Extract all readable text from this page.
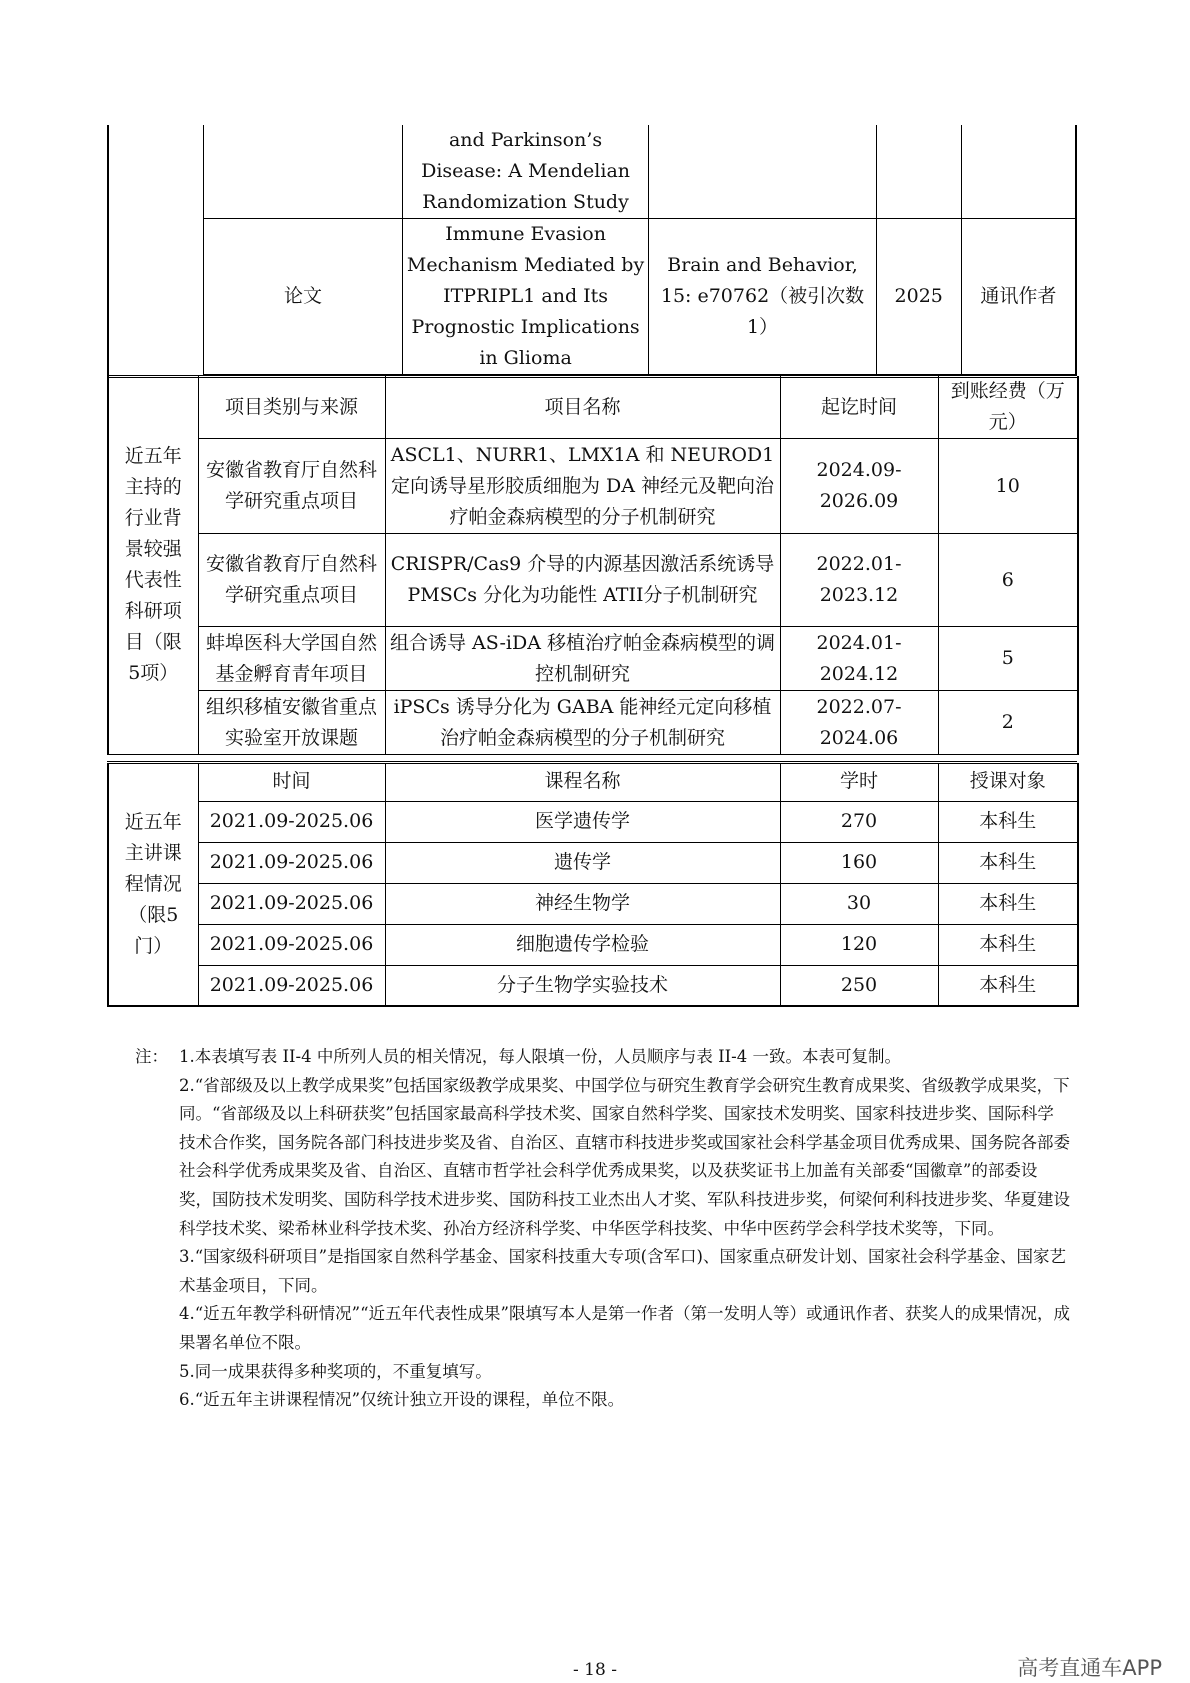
		and Parkinson’s Disease: A Mendelian Randomization Study			
	论文	Immune Evasion Mechanism Mediated by ITPRIPL1 and Its Prognostic Implications in Glioma	Brain and Behavior, 15: e70762（被引次数 1）	2025	通讯作者
近五年主持的行业背景较强代表性科研项目（限5项）	项目类别与来源	项目名称	起讫时间	到账经费（万元）
	安徽省教育厅自然科学研究重点项目	ASCL1、NURR1、LMX1A 和 NEUROD1 定向诱导星形胶质细胞为 DA 神经元及靶向治疗帕金森病模型的分子机制研究	2024.09-2026.09	10
	安徽省教育厅自然科学研究重点项目	CRISPR/Cas9 介导的内源基因激活系统诱导 PMSCs 分化为功能性 ATII分子机制研究	2022.01-2023.12	6
	蚌埠医科大学国自然基金孵育青年项目	组合诱导 AS-iDA 移植治疗帕金森病模型的调控机制研究	2024.01-2024.12	5
	组织移植安徽省重点实验室开放课题	iPSCs 诱导分化为 GABA 能神经元定向移植治疗帕金森病模型的分子机制研究	2022.07-2024.06	2
近五年主讲课程情况（限5门）	时间	课程名称	学时	授课对象
	2021.09-2025.06	医学遗传学	270	本科生
	2021.09-2025.06	遗传学	160	本科生
	2021.09-2025.06	神经生物学	30	本科生
	2021.09-2025.06	细胞遗传学检验	120	本科生
	2021.09-2025.06	分子生物学实验技术	250	本科生
注： 1.本表填写表 II-4 中所列人员的相关情况，每人限填一份，人员顺序与表 II-4 一致。本表可复制。
2.“省部级及以上教学成果奖”包括国家级教学成果奖、中国学位与研究生教育学会研究生教育成果奖、省级教学成果奖，下同。“省部级及以上科研获奖”包括国家最高科学技术奖、国家自然科学奖、国家技术发明奖、国家科技进步奖、国际科学技术合作奖，国务院各部门科技进步奖及省、自治区、直辖市科技进步奖或国家社会科学基金项目优秀成果、国务院各部委社会科学优秀成果奖及省、自治区、直辖市哲学社会科学优秀成果奖，以及获奖证书上加盖有关部委“国徽章”的部委设奖，国防技术发明奖、国防科学技术进步奖、国防科技工业杰出人才奖、军队科技进步奖，何梁何利科技进步奖、华夏建设科学技术奖、梁希林业科学技术奖、孙冶方经济科学奖、中华医学科技奖、中华中医药学会科学技术奖等，下同。
3.“国家级科研项目”是指国家自然科学基金、国家科技重大专项(含军口)、国家重点研发计划、国家社会科学基金、国家艺术基金项目，下同。
4.“近五年教学科研情况”“近五年代表性成果”限填写本人是第一作者（第一发明人等）或通讯作者、获奖人的成果情况，成果署名单位不限。
5.同一成果获得多种奖项的，不重复填写。
6.“近五年主讲课程情况”仅统计独立开设的课程，单位不限。
- 18 -	高考直通车APP
